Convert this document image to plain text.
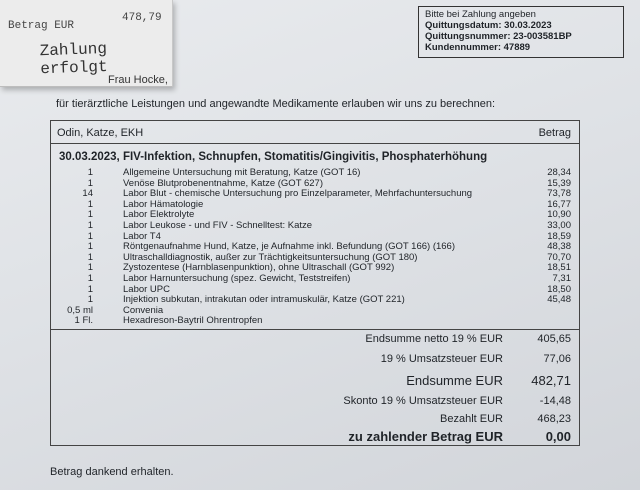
Betrag EUR
478,79
Zahlung erfolgt
Bitte bei Zahlung angeben
Quittungsdatum: 30.03.2023
Quittungsnummer: 23-003581BP
Kundennummer: 47889
Frau Hocke,
für tierärztliche Leistungen und angewandte Medikamente erlauben wir uns zu berechnen:
Odin, Katze, EKH	Betrag
30.03.2023, FIV-Infektion, Schnupfen, Stomatitis/Gingivitis, Phosphaterhöhung
1	Allgemeine Untersuchung mit Beratung, Katze (GOT 16)	28,34
1	Venöse Blutprobenentnahme, Katze (GOT 627)	15,39
14	Labor Blut - chemische Untersuchung pro Einzelparameter, Mehrfachuntersuchung	73,78
1	Labor Hämatologie	16,77
1	Labor Elektrolyte	10,90
1	Labor Leukose - und FIV - Schnelltest: Katze	33,00
1	Labor T4	18,59
1	Röntgenaufnahme Hund, Katze, je Aufnahme inkl. Befundung (GOT 166) (166)	48,38
1	Ultraschalldiagnostik, außer zur Trächtigkeitsuntersuchung (GOT 180)	70,70
1	Zystozentese (Harnblasenpunktion), ohne Ultraschall (GOT 992)	18,51
1	Labor Harnuntersuchung (spez. Gewicht, Teststreifen)	7,31
1	Labor UPC	18,50
1	Injektion subkutan, intrakutan oder intramuskulär, Katze (GOT 221)	45,48
0,5 ml	Convenia
1 Fl.	Hexadreson-Baytril Ohrentropfen
Endsumme netto 19 % EUR	405,65
19 % Umsatzsteuer EUR	77,06
Endsumme EUR 482,71
Skonto 19 % Umsatzsteuer EUR	-14,48
Bezahlt EUR	468,23
zu zahlender Betrag EUR	0,00
Betrag dankend erhalten.
